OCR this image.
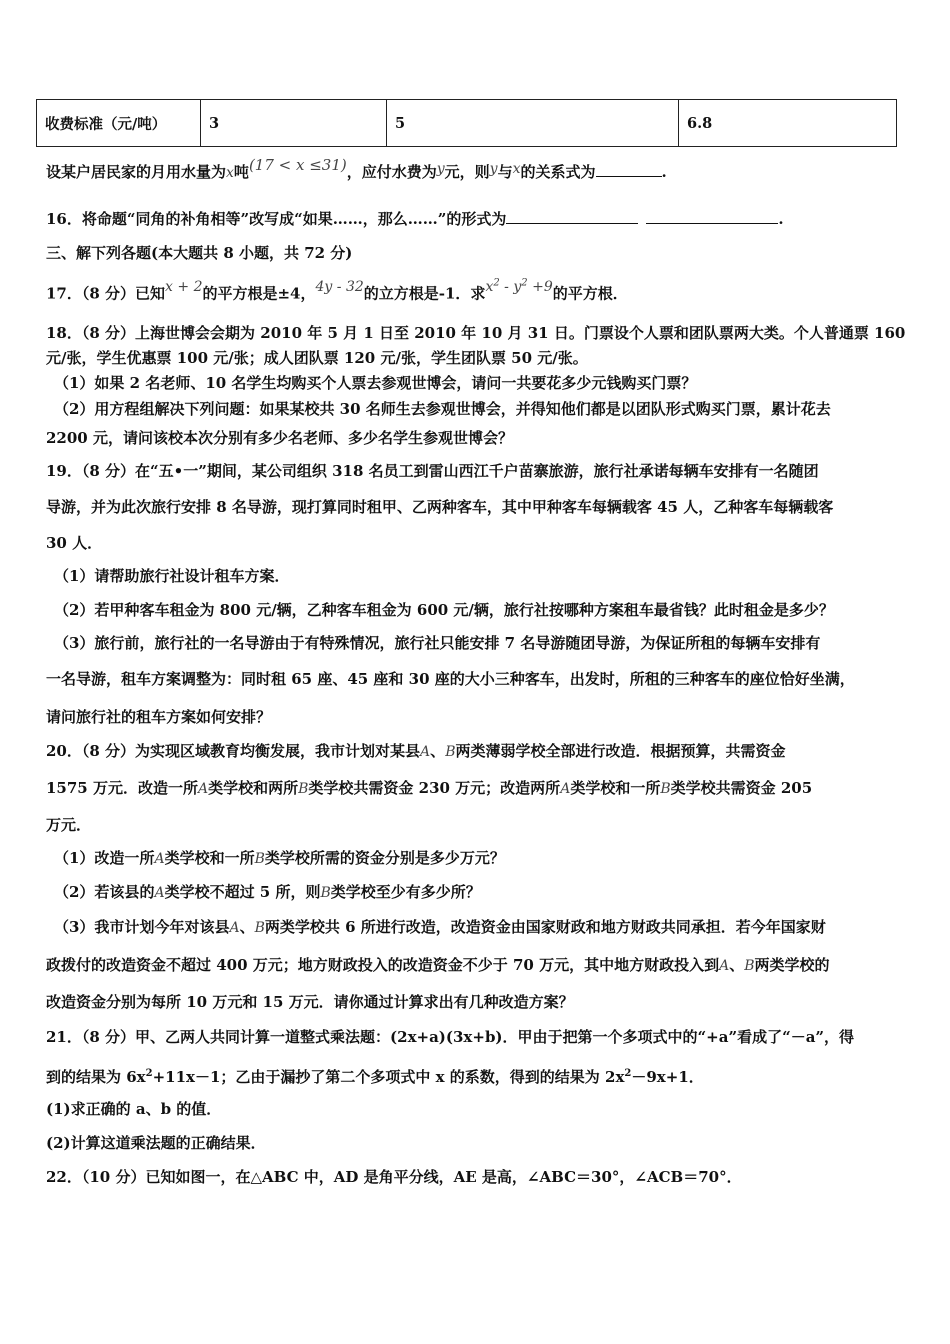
收费标准（元/吨）	3	5	6.8
设某户居民家的月用水量为x吨(17 < x ≤31)，应付水费为y元，则y与x的关系式为	.
16．将命题“同角的补角相等”改写成“如果……，那么……”的形式为	.
三、解下列各题(本大题共 8 小题，共 72 分)
17．（8 分）已知x + 2的平方根是±4，4y - 32的立方根是-1．求$x^2 - y^2 +9$的平方根．
18．（8 分）上海世博会会期为 2010 年 5 月 1 日至 2010 年 10 月 31 日。门票设个人票和团队票两大类。个人普通票 160
元/张，学生优惠票 100 元/张；成人团队票 120 元/张，学生团队票 50 元/张。
（1）如果 2 名老师、10 名学生均购买个人票去参观世博会，请问一共要花多少元钱购买门票？
（2）用方程组解决下列问题：如果某校共 30 名师生去参观世博会，并得知他们都是以团队形式购买门票，累计花去
2200 元，请问该校本次分别有多少名老师、多少名学生参观世博会？
19．（8 分）在“五•一”期间，某公司组织 318 名员工到雷山西江千户苗寨旅游，旅行社承诺每辆车安排有一名随团
导游，并为此次旅行安排 8 名导游，现打算同时租甲、乙两种客车，其中甲种客车每辆载客 45 人，乙种客车每辆载客
30 人．
（1）请帮助旅行社设计租车方案．
（2）若甲种客车租金为 800 元/辆，乙种客车租金为 600 元/辆，旅行社按哪种方案租车最省钱？此时租金是多少？
（3）旅行前，旅行社的一名导游由于有特殊情况，旅行社只能安排 7 名导游随团导游，为保证所租的每辆车安排有
一名导游，租车方案调整为：同时租 65 座、45 座和 30 座的大小三种客车，出发时，所租的三种客车的座位恰好坐满，
请问旅行社的租车方案如何安排？
20．（8 分）为实现区域教育均衡发展，我市计划对某县A、B两类薄弱学校全部进行改造．根据预算，共需资金
1575 万元．改造一所A类学校和两所B类学校共需资金 230 万元；改造两所A类学校和一所B类学校共需资金 205
万元．
（1）改造一所A类学校和一所B类学校所需的资金分别是多少万元？
（2）若该县的A类学校不超过 5 所，则B类学校至少有多少所？
（3）我市计划今年对该县A、B两类学校共 6 所进行改造，改造资金由国家财政和地方财政共同承担．若今年国家财
政拨付的改造资金不超过 400 万元；地方财政投入的改造资金不少于 70 万元，其中地方财政投入到A、B两类学校的
改造资金分别为每所 10 万元和 15 万元．请你通过计算求出有几种改造方案？
21．（8 分）甲、乙两人共同计算一道整式乘法题：(2x+a)(3x+b)．甲由于把第一个多项式中的“+a”看成了“－a”，得
到的结果为 $6x^2+11x-1$；乙由于漏抄了第二个多项式中 x 的系数，得到的结果为 $2x^2-9x+1$．
(1)求正确的 a、b 的值．
(2)计算这道乘法题的正确结果．
22．（10 分）已知如图一，在△ABC 中，AD 是角平分线，AE 是高，∠ABC＝30°，∠ACB＝70°．
